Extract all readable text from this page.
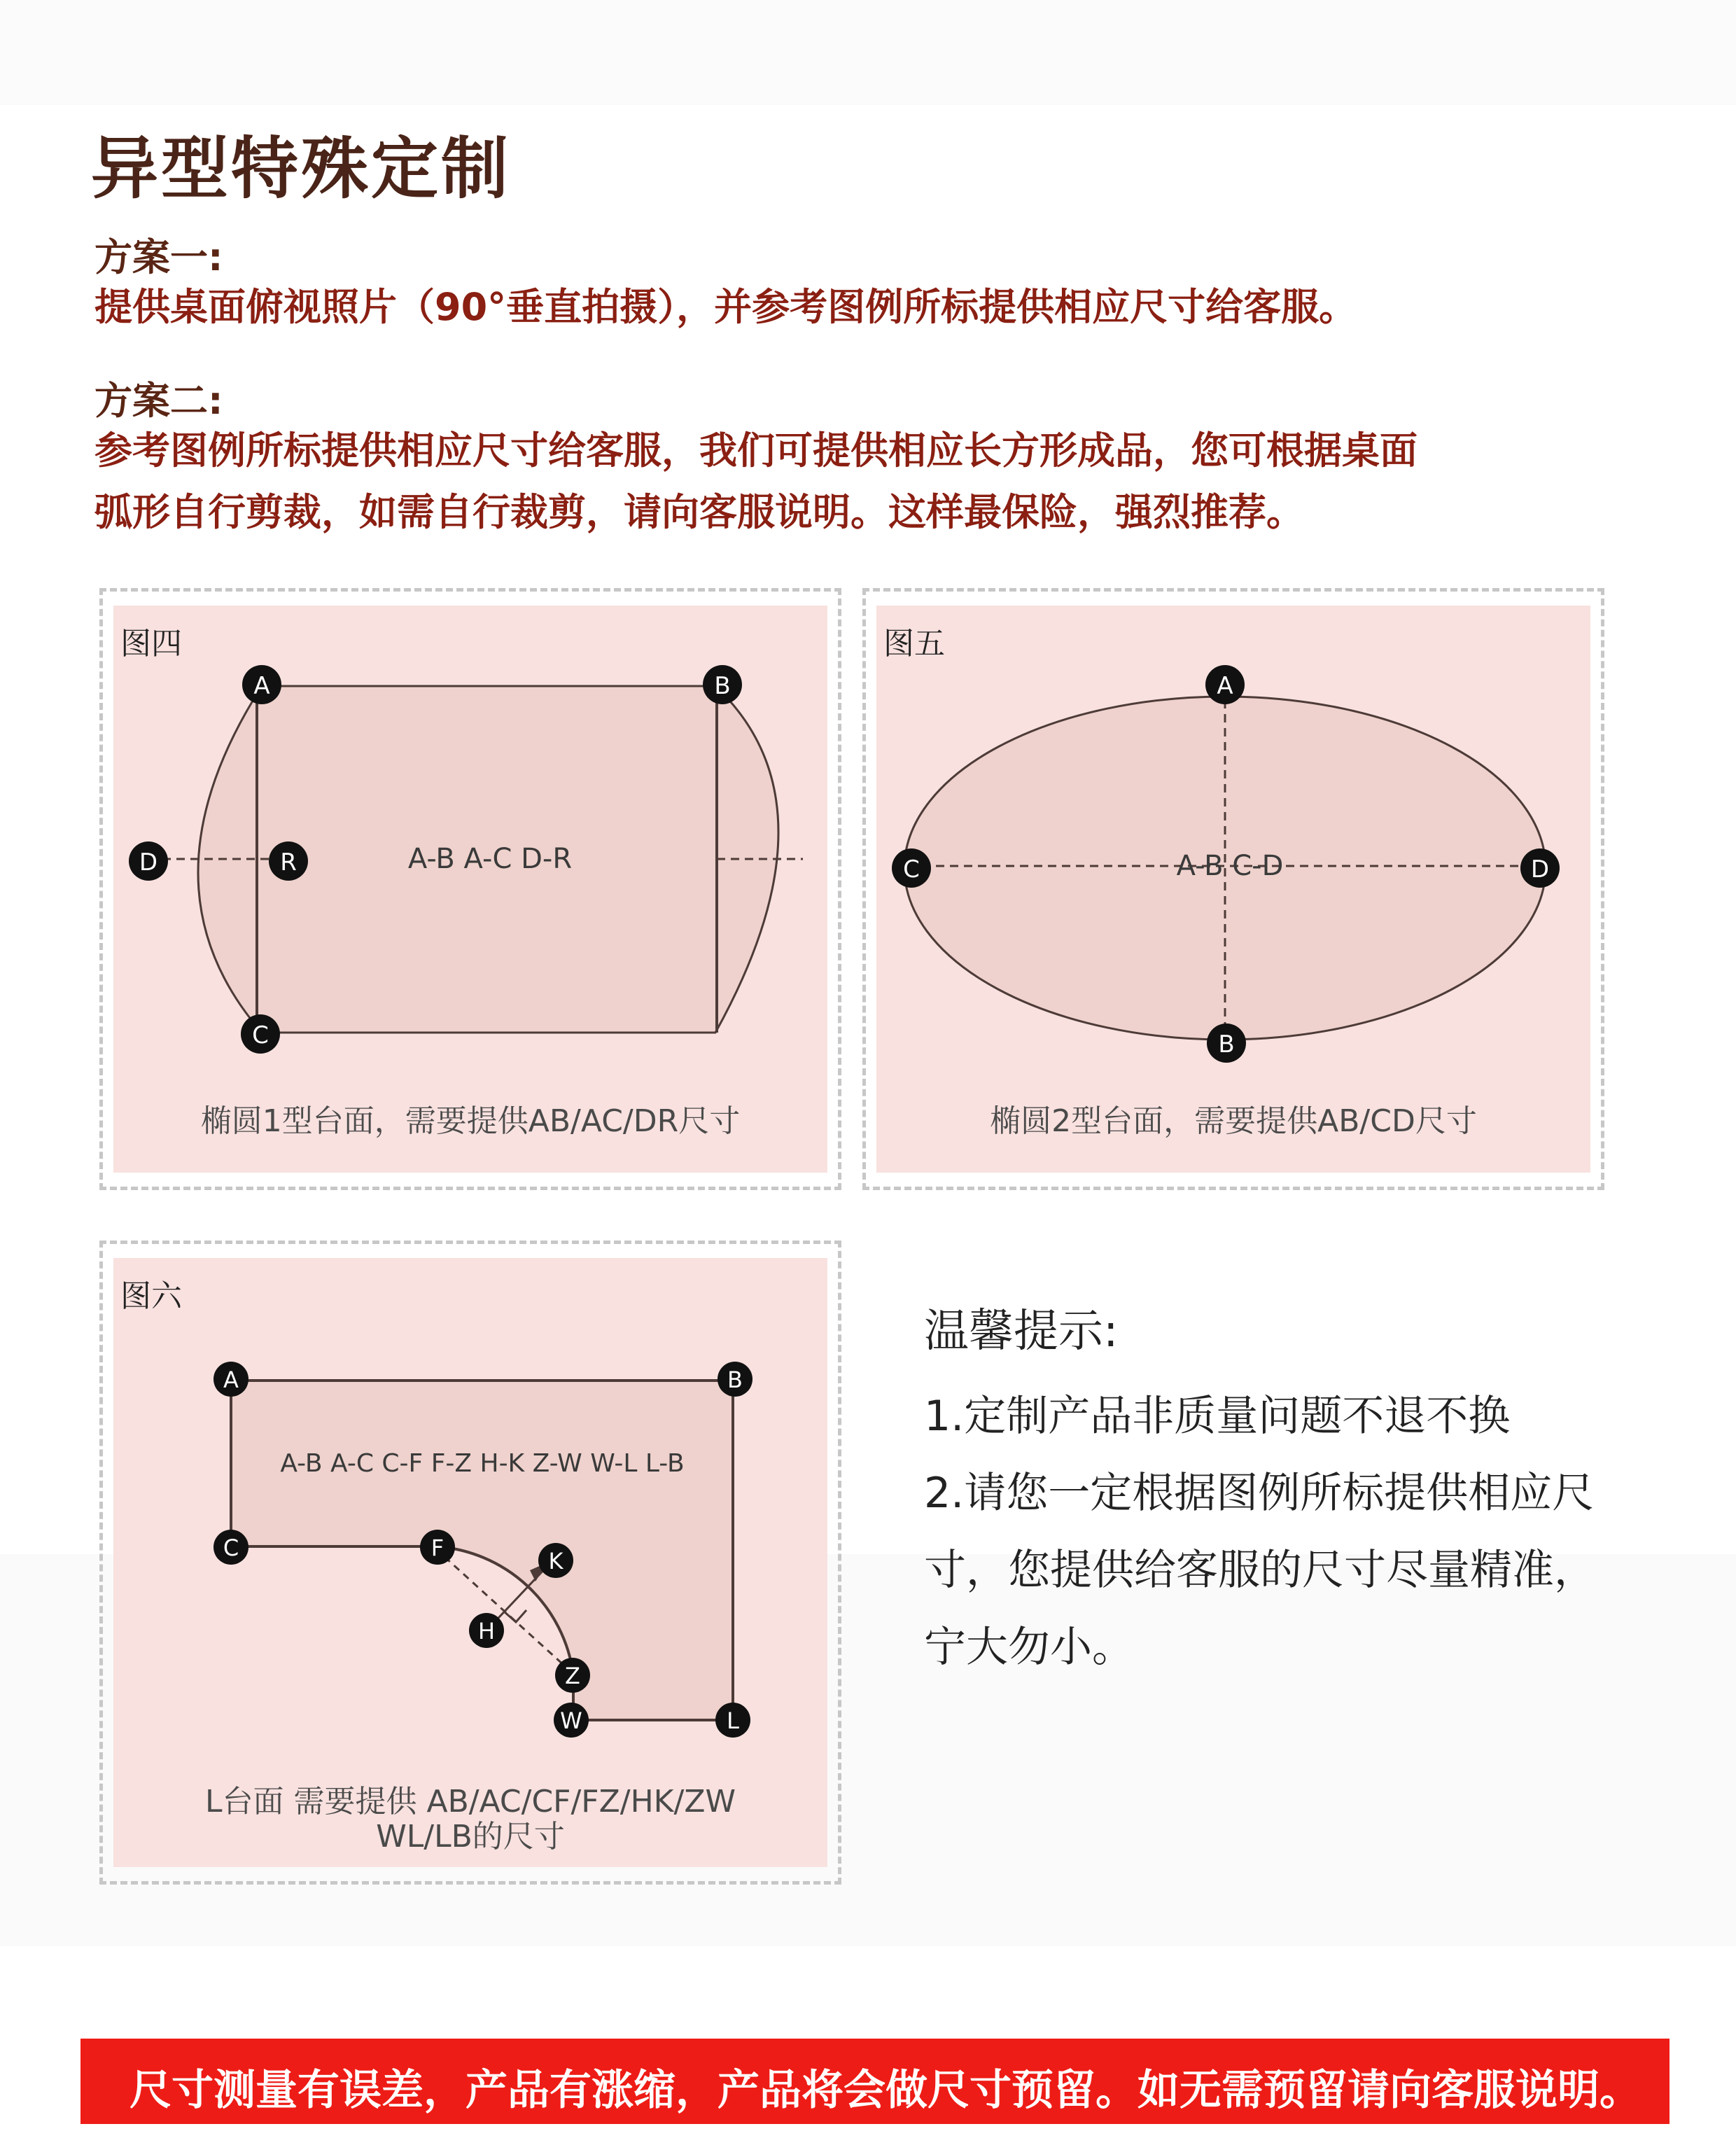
异型特殊定制
方案一:
提供桌面俯视照片（90°垂直拍摄），并参考图例所标提供相应尺寸给客服。
方案二:
参考图例所标提供相应尺寸给客服，我们可提供相应长方形成品，您可根据桌面
弧形自行剪裁，如需自行裁剪，请向客服说明。这样最保险，强烈推荐。
图四
A-B A-C D-R
A	B
C
D	R
椭圆1型台面，需要提供AB/AC/DR尺寸
图五
A-B C-D
A
B
C	D
椭圆2型台面，需要提供AB/CD尺寸
图六
A-B A-C C-F F-Z H-K Z-W W-L L-B
A	B
C	F	K
H
Z
W	L
L台面 需要提供 AB/AC/CF/FZ/HK/ZW
WL/LB的尺寸
温馨提示:
1.定制产品非质量问题不退不换
2.请您一定根据图例所标提供相应尺
寸，您提供给客服的尺寸尽量精准，
宁大勿小。
尺寸测量有误差，产品有涨缩，产品将会做尺寸预留。如无需预留请向客服说明。
